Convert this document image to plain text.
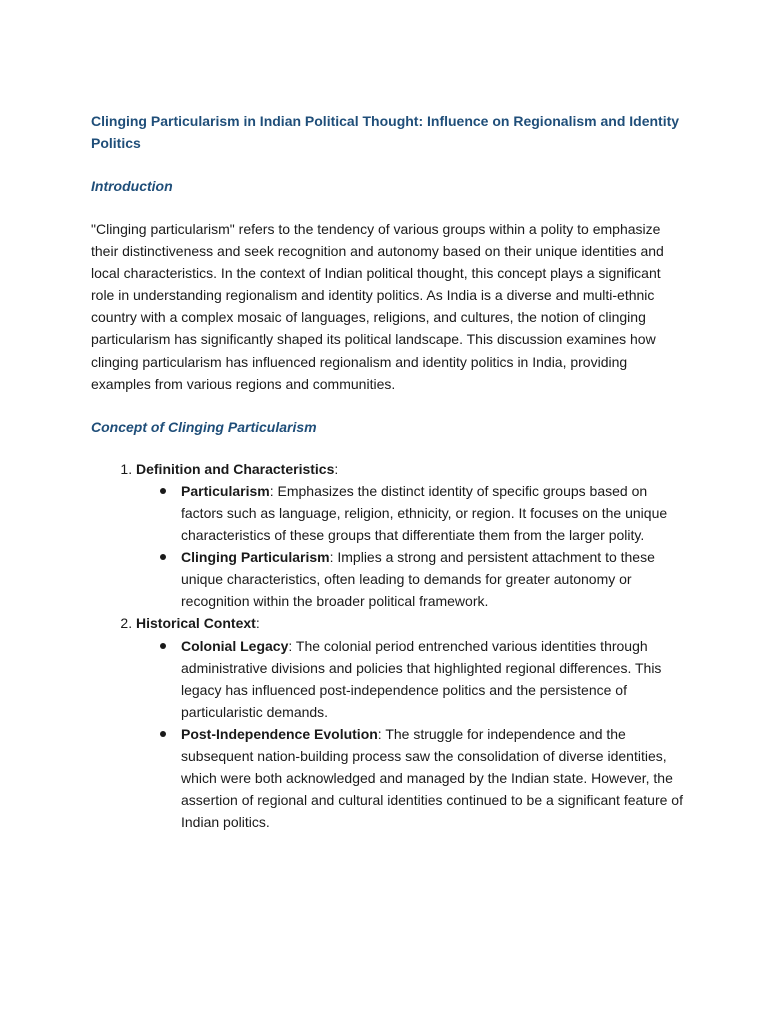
Clinging Particularism in Indian Political Thought: Influence on Regionalism and Identity Politics

Introduction

"Clinging particularism" refers to the tendency of various groups within a polity to emphasize their distinctiveness and seek recognition and autonomy based on their unique identities and local characteristics. In the context of Indian political thought, this concept plays a significant role in understanding regionalism and identity politics. As India is a diverse and multi-ethnic country with a complex mosaic of languages, religions, and cultures, the notion of clinging particularism has significantly shaped its political landscape. This discussion examines how clinging particularism has influenced regionalism and identity politics in India, providing examples from various regions and communities.

Concept of Clinging Particularism

1. Definition and Characteristics:
Particularism: Emphasizes the distinct identity of specific groups based on factors such as language, religion, ethnicity, or region. It focuses on the unique characteristics of these groups that differentiate them from the larger polity.
Clinging Particularism: Implies a strong and persistent attachment to these unique characteristics, often leading to demands for greater autonomy or recognition within the broader political framework.
2. Historical Context:
Colonial Legacy: The colonial period entrenched various identities through administrative divisions and policies that highlighted regional differences. This legacy has influenced post-independence politics and the persistence of particularistic demands.
Post-Independence Evolution: The struggle for independence and the subsequent nation-building process saw the consolidation of diverse identities, which were both acknowledged and managed by the Indian state. However, the assertion of regional and cultural identities continued to be a significant feature of Indian politics.
